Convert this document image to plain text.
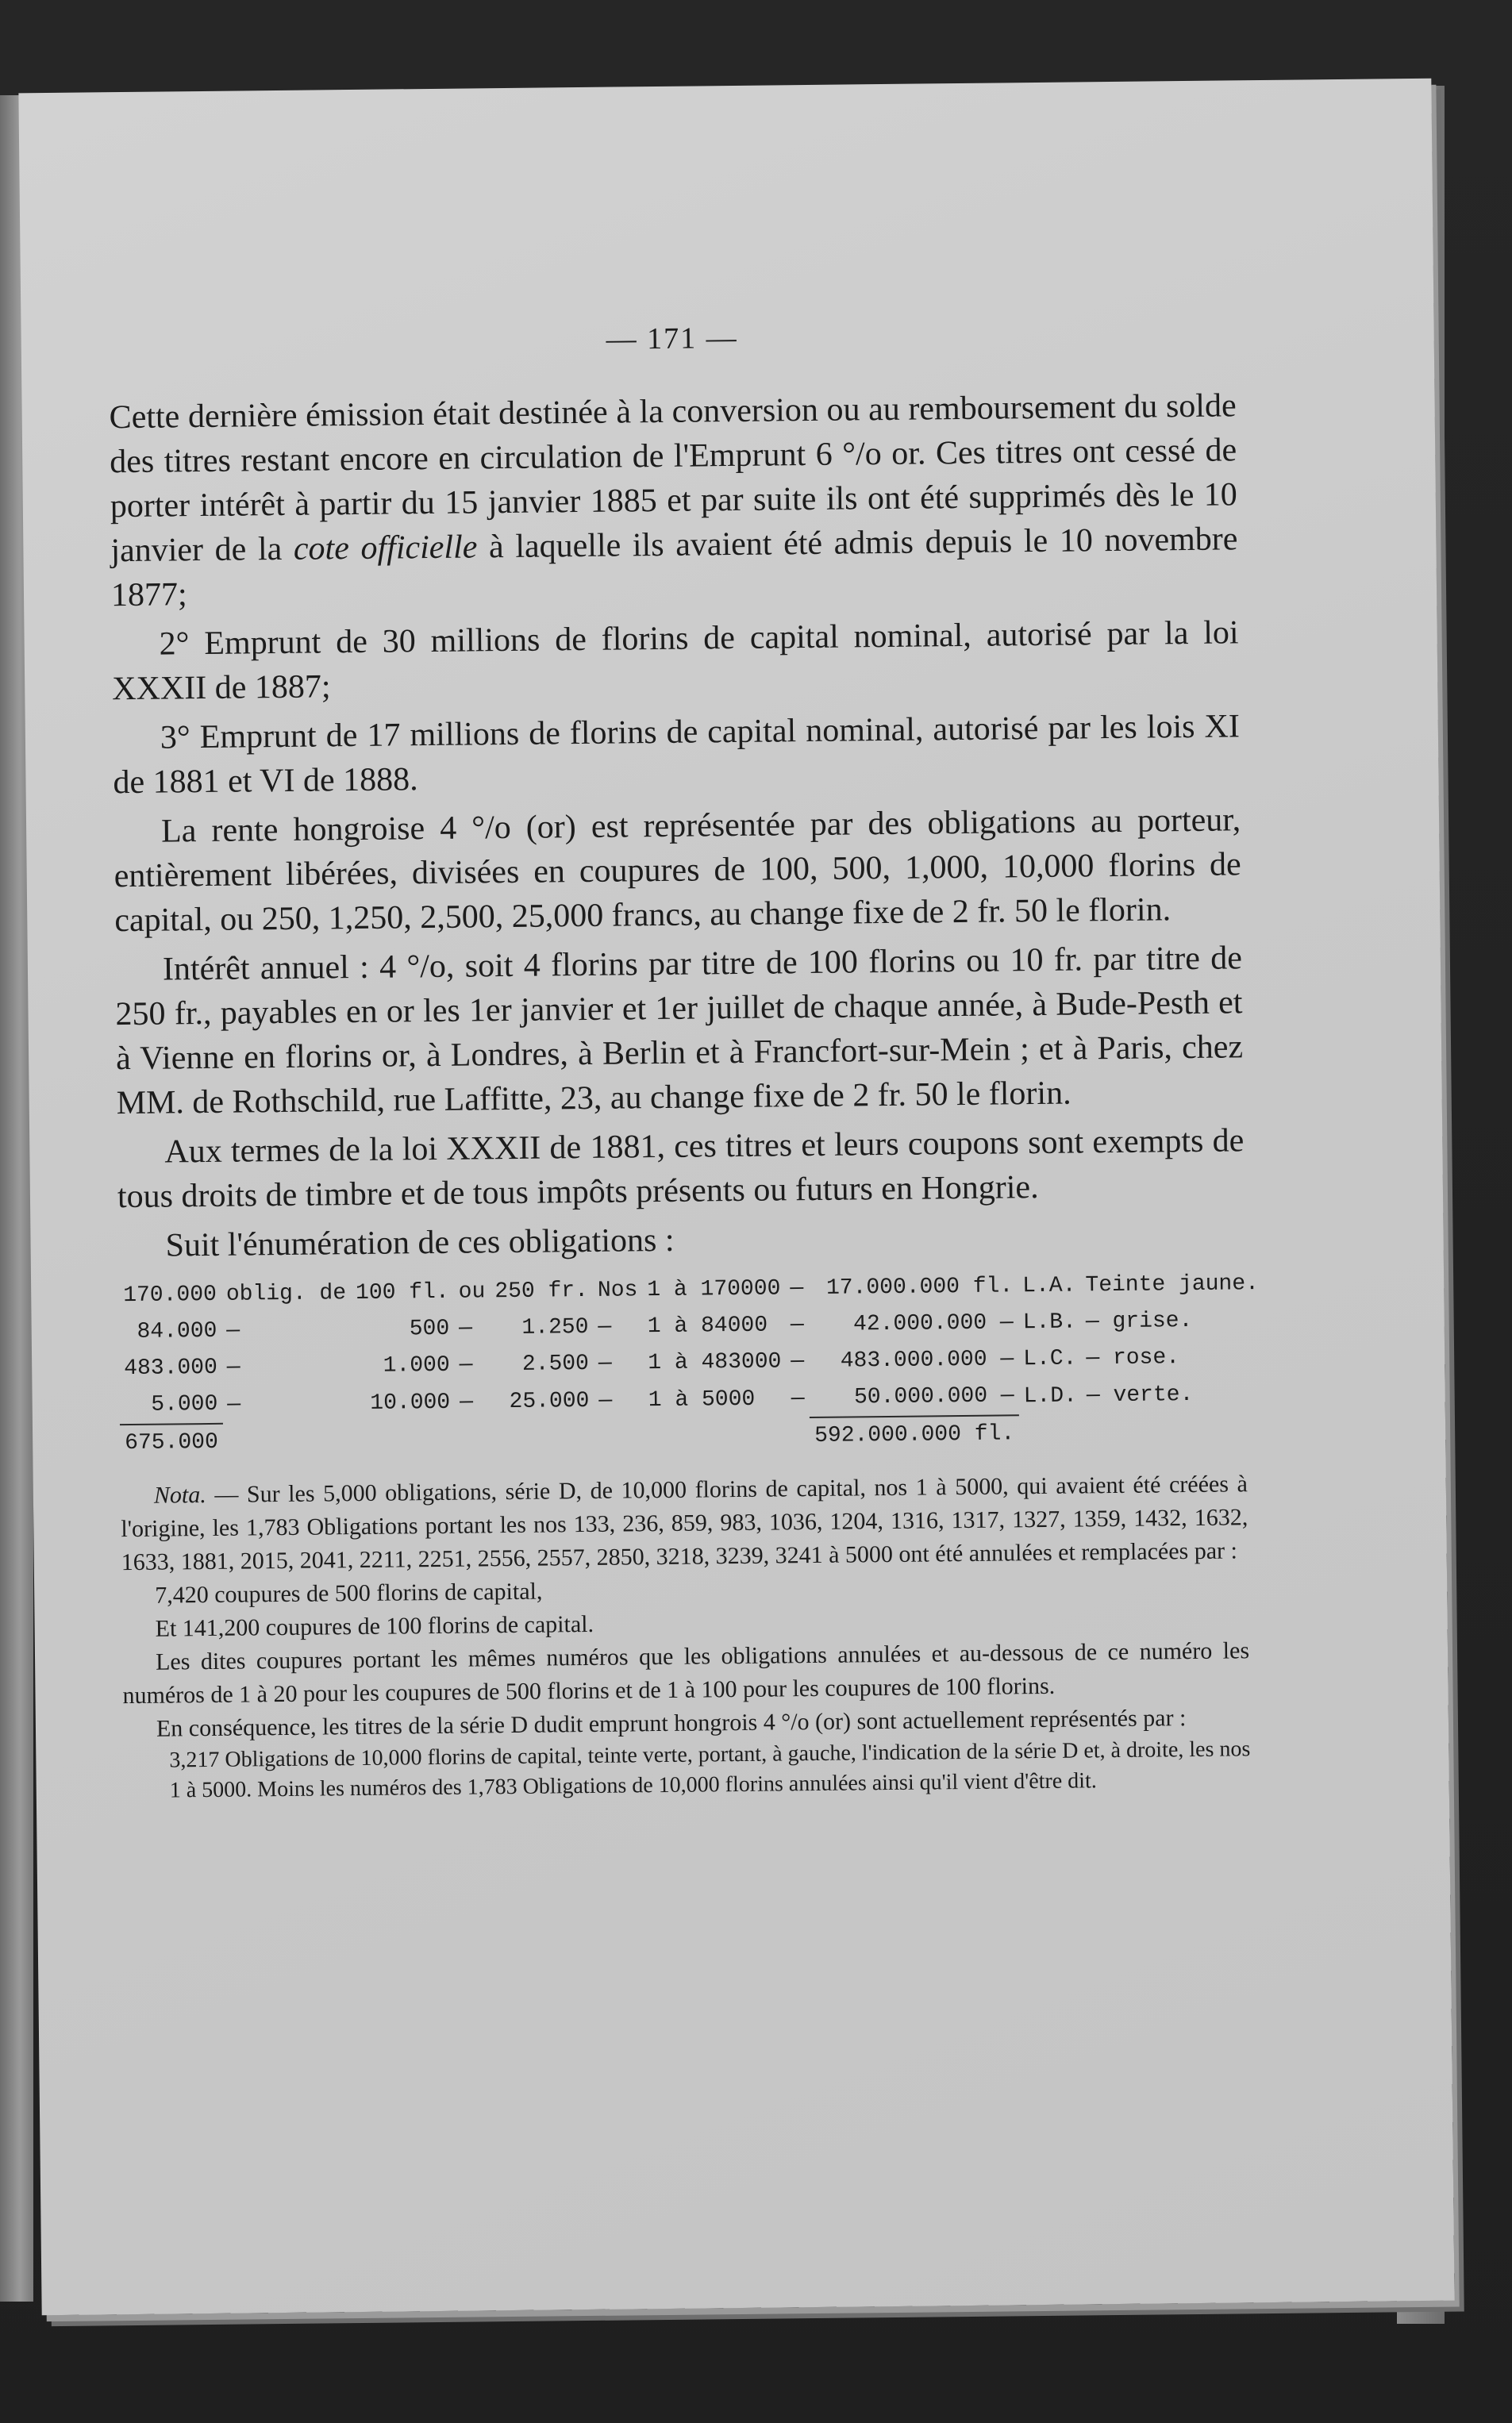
— 171 —

Cette dernière émission était destinée à la conversion ou au remboursement du solde des titres restant encore en circulation de l'Emprunt 6 °/o or. Ces titres ont cessé de porter intérêt à partir du 15 janvier 1885 et par suite ils ont été supprimés dès le 10 janvier de la cote officielle à laquelle ils avaient été admis depuis le 10 novembre 1877;

2° Emprunt de 30 millions de florins de capital nominal, autorisé par la loi XXXII de 1887;

3° Emprunt de 17 millions de florins de capital nominal, autorisé par les lois XI de 1881 et VI de 1888.

La rente hongroise 4 °/o (or) est représentée par des obligations au porteur, entièrement libérées, divisées en coupures de 100, 500, 1,000, 10,000 florins de capital, ou 250, 1,250, 2,500, 25,000 francs, au change fixe de 2 fr. 50 le florin.

Intérêt annuel : 4 °/o, soit 4 florins par titre de 100 florins ou 10 fr. par titre de 250 fr., payables en or les 1er janvier et 1er juillet de chaque année, à Bude-Pesth et à Vienne en florins or, à Londres, à Berlin et à Francfort-sur-Mein ; et à Paris, chez MM. de Rothschild, rue Laffitte, 23, au change fixe de 2 fr. 50 le florin.

Aux termes de la loi XXXII de 1881, ces titres et leurs coupons sont exempts de tous droits de timbre et de tous impôts présents ou futurs en Hongrie.

Suit l'énumération de ces obligations :

170.000	oblig. de	100 fl.	ou	250 fr.	Nos	1 à 170000	—	17.000.000 fl.	L.A.	Teinte jaune.
84.000	—	500	—	1.250	—	1 à 84000	—	42.000.000 —	L.B.	— grise.
483.000	—	1.000	—	2.500	—	1 à 483000	—	483.000.000 —	L.C.	— rose.
5.000	—	10.000	—	25.000	—	1 à 5000	—	50.000.000 —	L.D.	— verte.
675.000								592.000.000 fl.		

Nota. — Sur les 5,000 obligations, série D, de 10,000 florins de capital, nos 1 à 5000, qui avaient été créées à l'origine, les 1,783 Obligations portant les nos 133, 236, 859, 983, 1036, 1204, 1316, 1317, 1327, 1359, 1432, 1632, 1633, 1881, 2015, 2041, 2211, 2251, 2556, 2557, 2850, 3218, 3239, 3241 à 5000 ont été annulées et remplacées par :

7,420 coupures de 500 florins de capital,

Et 141,200 coupures de 100 florins de capital.

Les dites coupures portant les mêmes numéros que les obligations annulées et au-dessous de ce numéro les numéros de 1 à 20 pour les coupures de 500 florins et de 1 à 100 pour les coupures de 100 florins.

En conséquence, les titres de la série D dudit emprunt hongrois 4 °/o (or) sont actuellement représentés par :

3,217 Obligations de 10,000 florins de capital, teinte verte, portant, à gauche, l'indication de la série D et, à droite, les nos 1 à 5000. Moins les numéros des 1,783 Obligations de 10,000 florins annulées ainsi qu'il vient d'être dit.
